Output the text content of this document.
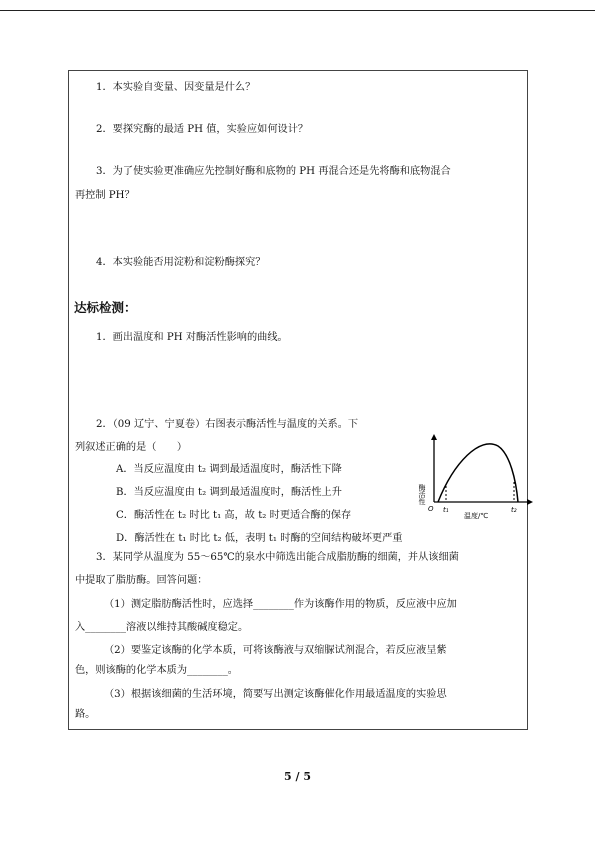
1．本实验自变量、因变量是什么？
2．要探究酶的最适 PH 值，实验应如何设计？
3．为了使实验更准确应先控制好酶和底物的 PH 再混合还是先将酶和底物混合
再控制 PH？
4．本实验能否用淀粉和淀粉酶探究？
达标检测：
1．画出温度和 PH 对酶活性影响的曲线。
2．（09 辽宁、宁夏卷）右图表示酶活性与温度的关系。下
列叙述正确的是（　　）
A．当反应温度由 t₂ 调到最适温度时，酶活性下降
B．当反应温度由 t₂ 调到最适温度时，酶活性上升
C．酶活性在 t₂ 时比 t₁ 高，故 t₂ 时更适合酶的保存
D．酶活性在 t₁ 时比 t₂ 低，表明 t₁ 时酶的空间结构破坏更严重
酶活性
O t₁	t₂
温度/℃
3．某同学从温度为 55～65℃的泉水中筛选出能合成脂肪酶的细菌，并从该细菌
中提取了脂肪酶。回答问题：
（1）测定脂肪酶活性时，应选择________作为该酶作用的物质，反应液中应加
入________溶液以维持其酸碱度稳定。
（2）要鉴定该酶的化学本质，可将该酶液与双缩脲试剂混合，若反应液呈紫
色，则该酶的化学本质为________。
（3）根据该细菌的生活环境，简要写出测定该酶催化作用最适温度的实验思
路。
5 / 5
